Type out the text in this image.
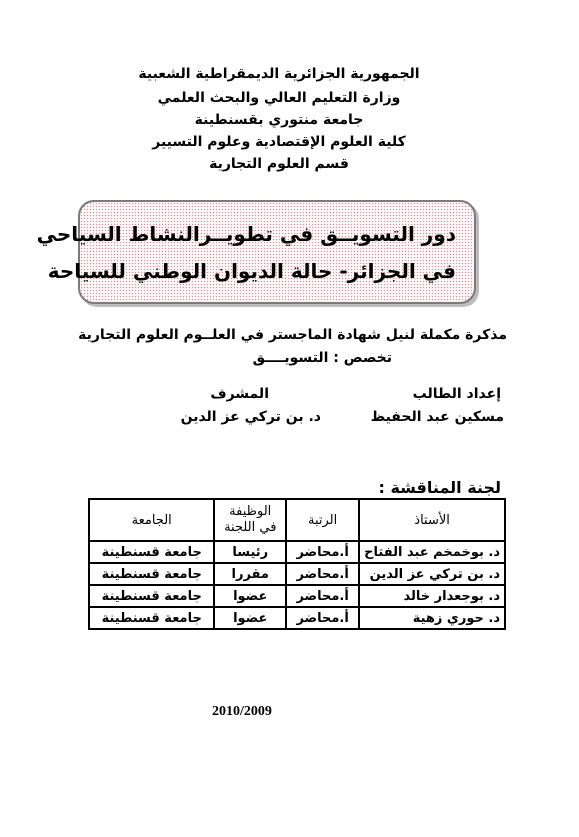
الجمهورية الجزائرية الديمقراطية الشعبية
وزارة التعليم العالي والبحث العلمي
جامعة منتوري بقسنطينة
كلية العلوم الإقتصادية وعلوم التسيير
قسم العلوم التجارية
دور التسويــق في تطويــرالنشاط السياحي
في الجزائر- حالة الديوان الوطني للسياحة
مذكرة مكملة لنيل شهادة الماجستر في العلــوم العلوم التجارية
تخصص : التسويــــق
إعداد الطالب
مسكين عبد الحفيظ
المشرف
د. بن تركي عز الدين
لجنة المناقشة :
الأستاذ	الرتبة	الوظيفة في اللجنة	الجامعة
د. بوخمخم عبد الفتاح	أ.محاضر	رئيسا	جامعة قسنطينة
د. بن تركي عز الدين	أ.محاضر	مقررا	جامعة قسنطينة
د. بوجعدار خالد	أ.محاضر	عضوا	جامعة قسنطينة
د. حوري زهية	أ.محاضر	عضوا	جامعة قسنطينة
2010/2009
